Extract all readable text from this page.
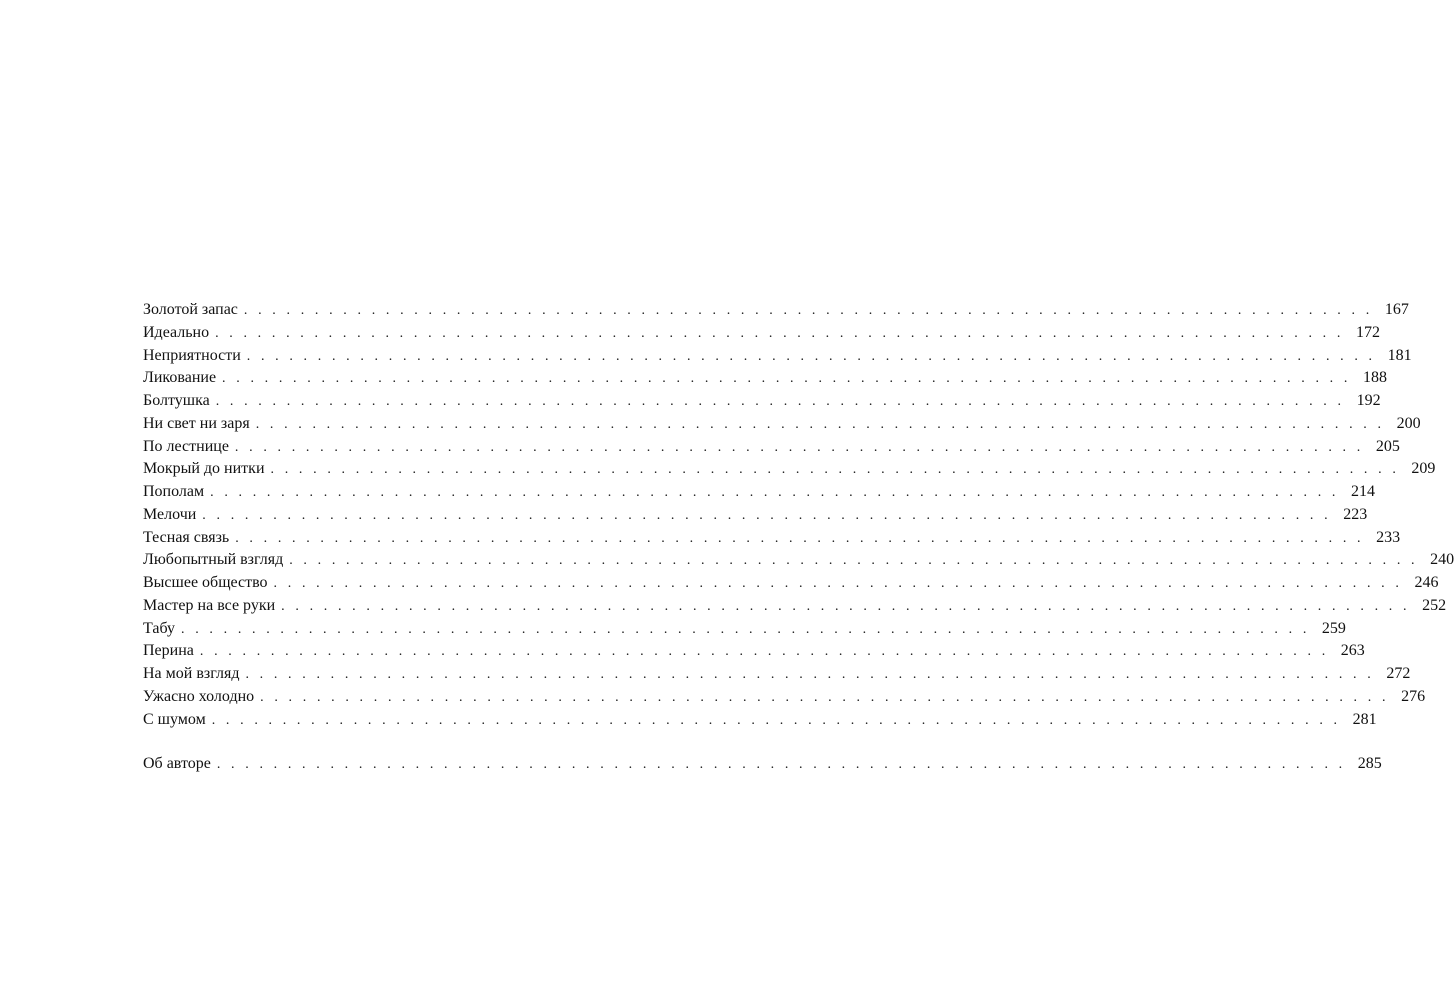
Золотой запас . . . . . . . . . . . . . . . . . . . . . . . . . . . . . . . . . . . . . . . . . . . . . . . . . . . . . . . . . . . . . . . . . . . . . . . . . . . . . . . . 167
Идеально . . . . . . . . . . . . . . . . . . . . . . . . . . . . . . . . . . . . . . . . . . . . . . . . . . . . . . . . . . . . . . . . . . . . . . . . . . . . . . . . 172
Неприятности . . . . . . . . . . . . . . . . . . . . . . . . . . . . . . . . . . . . . . . . . . . . . . . . . . . . . . . . . . . . . . . . . . . . . . . . . . . . . . . . 181
Ликование . . . . . . . . . . . . . . . . . . . . . . . . . . . . . . . . . . . . . . . . . . . . . . . . . . . . . . . . . . . . . . . . . . . . . . . . . . . . . . . . 188
Болтушка . . . . . . . . . . . . . . . . . . . . . . . . . . . . . . . . . . . . . . . . . . . . . . . . . . . . . . . . . . . . . . . . . . . . . . . . . . . . . . . . 192
Ни свет ни заря . . . . . . . . . . . . . . . . . . . . . . . . . . . . . . . . . . . . . . . . . . . . . . . . . . . . . . . . . . . . . . . . . . . . . . . . . . . . . . . . 200
По лестнице . . . . . . . . . . . . . . . . . . . . . . . . . . . . . . . . . . . . . . . . . . . . . . . . . . . . . . . . . . . . . . . . . . . . . . . . . . . . . . . . 205
Мокрый до нитки . . . . . . . . . . . . . . . . . . . . . . . . . . . . . . . . . . . . . . . . . . . . . . . . . . . . . . . . . . . . . . . . . . . . . . . . . . . . . . . . 209
Пополам . . . . . . . . . . . . . . . . . . . . . . . . . . . . . . . . . . . . . . . . . . . . . . . . . . . . . . . . . . . . . . . . . . . . . . . . . . . . . . . . 214
Мелочи . . . . . . . . . . . . . . . . . . . . . . . . . . . . . . . . . . . . . . . . . . . . . . . . . . . . . . . . . . . . . . . . . . . . . . . . . . . . . . . . 223
Тесная связь . . . . . . . . . . . . . . . . . . . . . . . . . . . . . . . . . . . . . . . . . . . . . . . . . . . . . . . . . . . . . . . . . . . . . . . . . . . . . . . . 233
Любопытный взгляд . . . . . . . . . . . . . . . . . . . . . . . . . . . . . . . . . . . . . . . . . . . . . . . . . . . . . . . . . . . . . . . . . . . . . . . . . . . . . . . . 240
Высшее общество . . . . . . . . . . . . . . . . . . . . . . . . . . . . . . . . . . . . . . . . . . . . . . . . . . . . . . . . . . . . . . . . . . . . . . . . . . . . . . . . 246
Мастер на все руки . . . . . . . . . . . . . . . . . . . . . . . . . . . . . . . . . . . . . . . . . . . . . . . . . . . . . . . . . . . . . . . . . . . . . . . . . . . . . . . . 252
Табу . . . . . . . . . . . . . . . . . . . . . . . . . . . . . . . . . . . . . . . . . . . . . . . . . . . . . . . . . . . . . . . . . . . . . . . . . . . . . . . . 259
Перина . . . . . . . . . . . . . . . . . . . . . . . . . . . . . . . . . . . . . . . . . . . . . . . . . . . . . . . . . . . . . . . . . . . . . . . . . . . . . . . . 263
На мой взгляд . . . . . . . . . . . . . . . . . . . . . . . . . . . . . . . . . . . . . . . . . . . . . . . . . . . . . . . . . . . . . . . . . . . . . . . . . . . . . . . . 272
Ужасно холодно . . . . . . . . . . . . . . . . . . . . . . . . . . . . . . . . . . . . . . . . . . . . . . . . . . . . . . . . . . . . . . . . . . . . . . . . . . . . . . . . 276
С шумом . . . . . . . . . . . . . . . . . . . . . . . . . . . . . . . . . . . . . . . . . . . . . . . . . . . . . . . . . . . . . . . . . . . . . . . . . . . . . . . . 281
Об авторе . . . . . . . . . . . . . . . . . . . . . . . . . . . . . . . . . . . . . . . . . . . . . . . . . . . . . . . . . . . . . . . . . . . . . . . . . . . . . . . . 285
